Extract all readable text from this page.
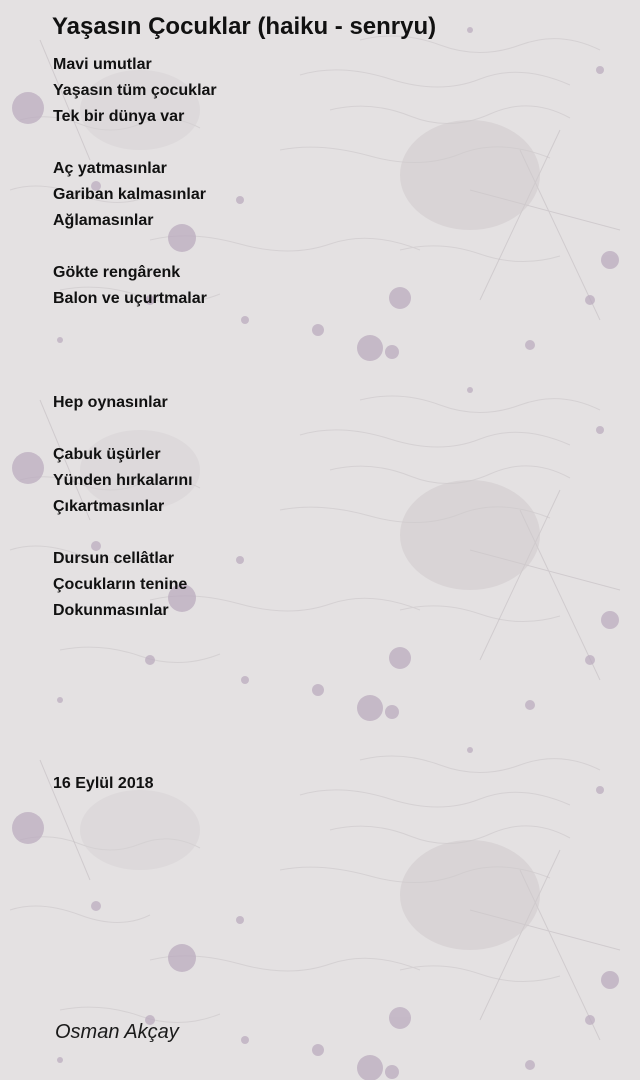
Yaşasın Çocuklar (haiku - senryu)
Mavi umutlar
Yaşasın tüm çocuklar
Tek bir dünya var
Aç yatmasınlar
Gariban kalmasınlar
Ağlamasınlar
Gökte rengârenk
Balon ve uçurtmalar
Hep oynasınlar
Çabuk üşürler
Yünden hırkalarını
Çıkartmasınlar
Dursun cellâtlar
Çocukların tenine
Dokunmasınlar
16 Eylül 2018
Osman Akçay
